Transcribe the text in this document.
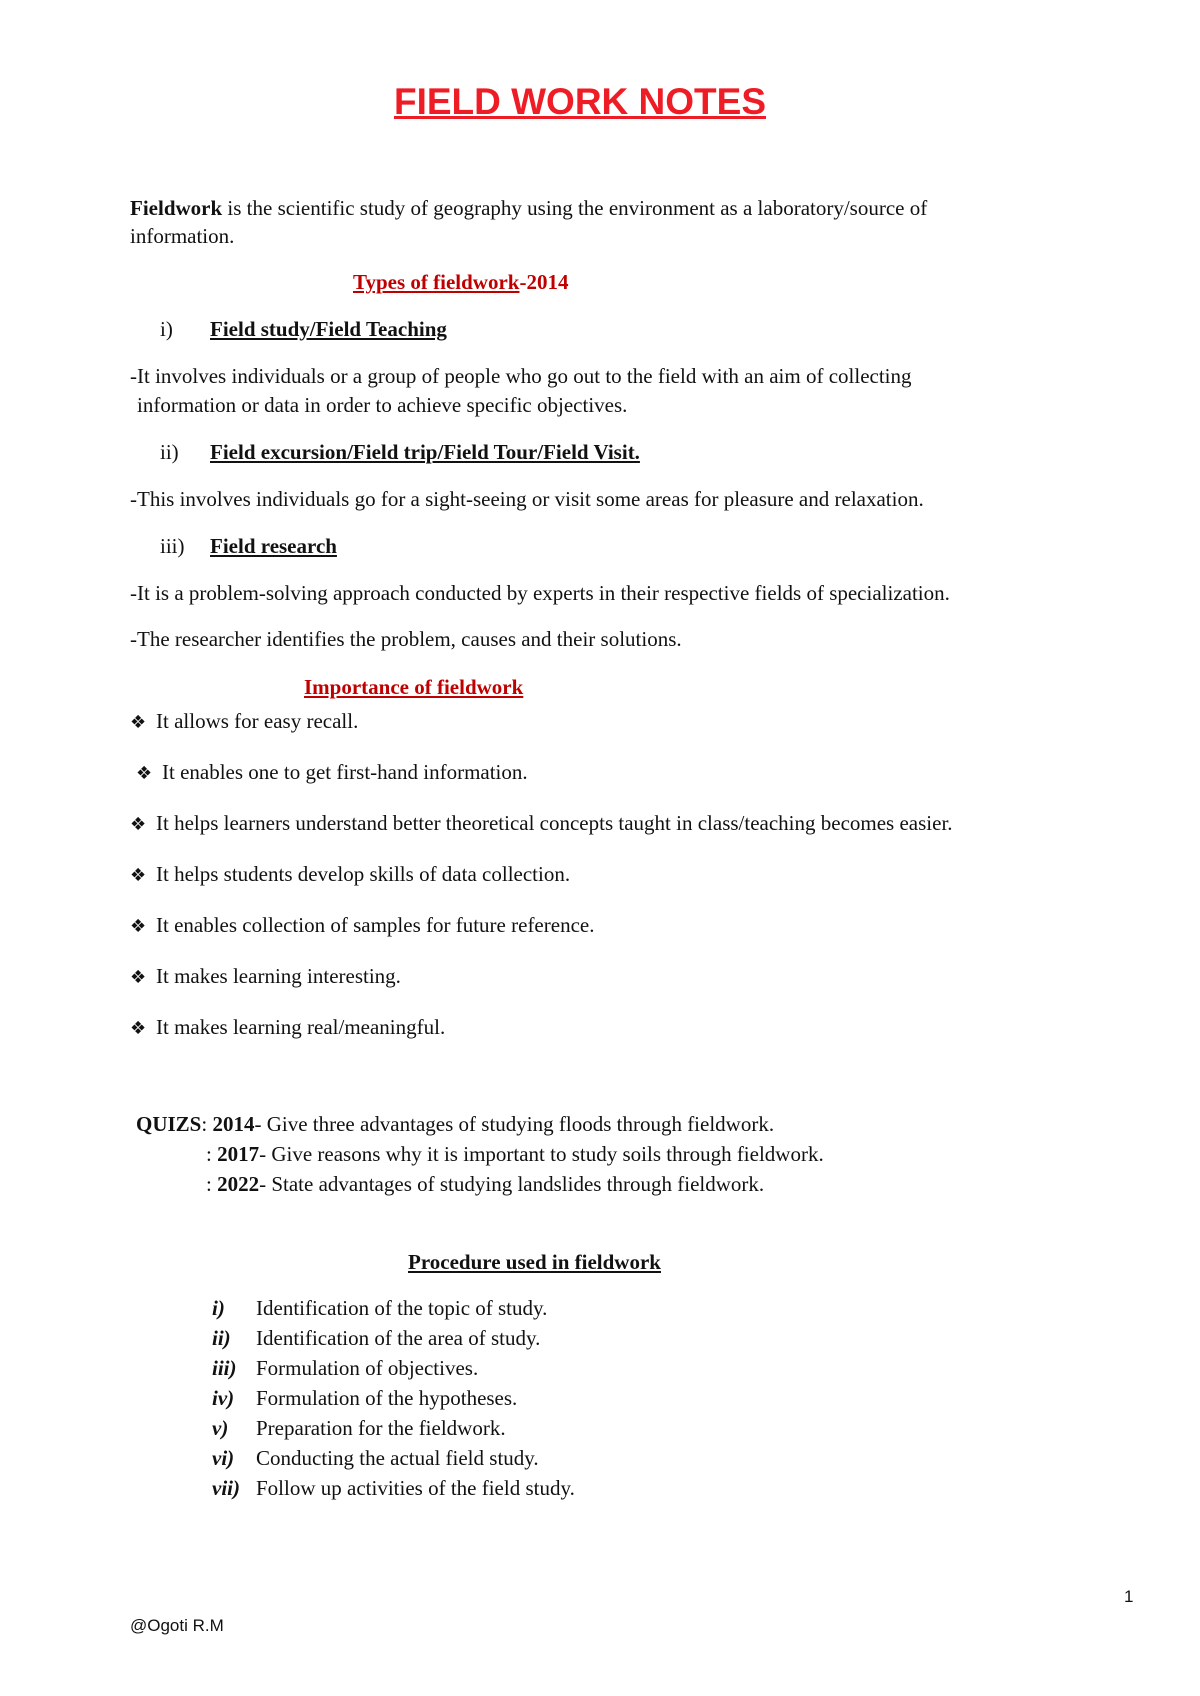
FIELD WORK NOTES
Fieldwork is the scientific study of geography using the environment as a laboratory/source of
information.
Types of fieldwork-2014
i) Field study/Field Teaching
-It involves individuals or a group of people who go out to the field with an aim of collecting
information or data in order to achieve specific objectives.
ii) Field excursion/Field trip/Field Tour/Field Visit.
-This involves individuals go for a sight-seeing or visit some areas for pleasure and relaxation.
iii) Field research
-It is a problem-solving approach conducted by experts in their respective fields of specialization.
-The researcher identifies the problem, causes and their solutions.
Importance of fieldwork
❖ It allows for easy recall.
❖ It enables one to get first-hand information.
❖ It helps learners understand better theoretical concepts taught in class/teaching becomes easier.
❖ It helps students develop skills of data collection.
❖ It enables collection of samples for future reference.
❖ It makes learning interesting.
❖ It makes learning real/meaningful.
QUIZS: 2014- Give three advantages of studying floods through fieldwork.
: 2017- Give reasons why it is important to study soils through fieldwork.
: 2022- State advantages of studying landslides through fieldwork.
Procedure used in fieldwork
i) Identification of the topic of study.
ii) Identification of the area of study.
iii) Formulation of objectives.
iv) Formulation of the hypotheses.
v) Preparation for the fieldwork.
vi) Conducting the actual field study.
vii) Follow up activities of the field study.
1
@Ogoti R.M
